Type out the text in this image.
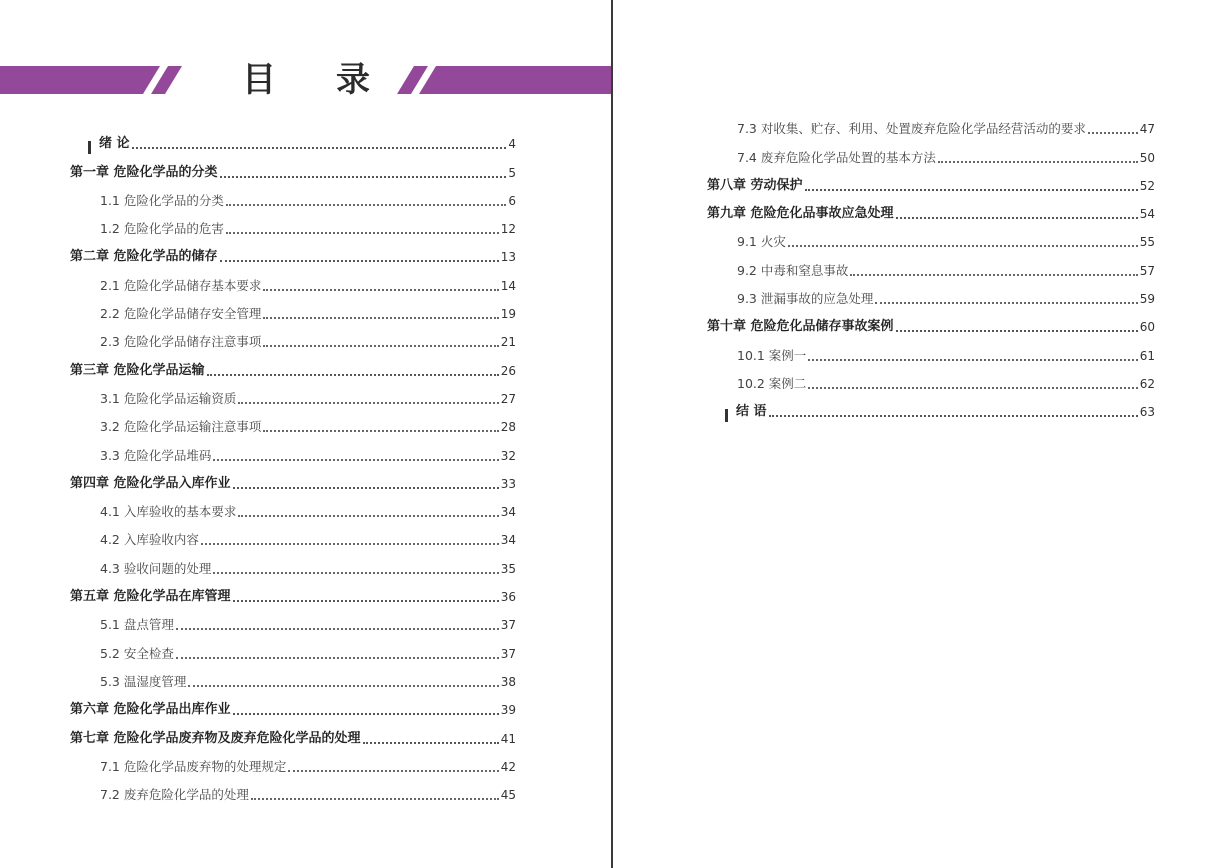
目录
绪 论	4
第一章 危险化学品的分类	5
1.1 危险化学品的分类	6
1.2 危险化学品的危害	12
第二章 危险化学品的储存	13
2.1 危险化学品储存基本要求	14
2.2 危险化学品储存安全管理	19
2.3 危险化学品储存注意事项	21
第三章 危险化学品运输	26
3.1 危险化学品运输资质	27
3.2 危险化学品运输注意事项	28
3.3 危险化学品堆码	32
第四章 危险化学品入库作业	33
4.1 入库验收的基本要求	34
4.2 入库验收内容	34
4.3 验收问题的处理	35
第五章 危险化学品在库管理	36
5.1 盘点管理	37
5.2 安全检查	37
5.3 温湿度管理	38
第六章 危险化学品出库作业	39
第七章 危险化学品废弃物及废弃危险化学品的处理	41
7.1 危险化学品废弃物的处理规定	42
7.2 废弃危险化学品的处理	45
7.3 对收集、贮存、利用、处置废弃危险化学品经营活动的要求	47
7.4 废弃危险化学品处置的基本方法	50
第八章 劳动保护	52
第九章 危险危化品事故应急处理	54
9.1 火灾	55
9.2 中毒和窒息事故	57
9.3 泄漏事故的应急处理	59
第十章 危险危化品储存事故案例	60
10.1 案例一	61
10.2 案例二	62
结 语	63
